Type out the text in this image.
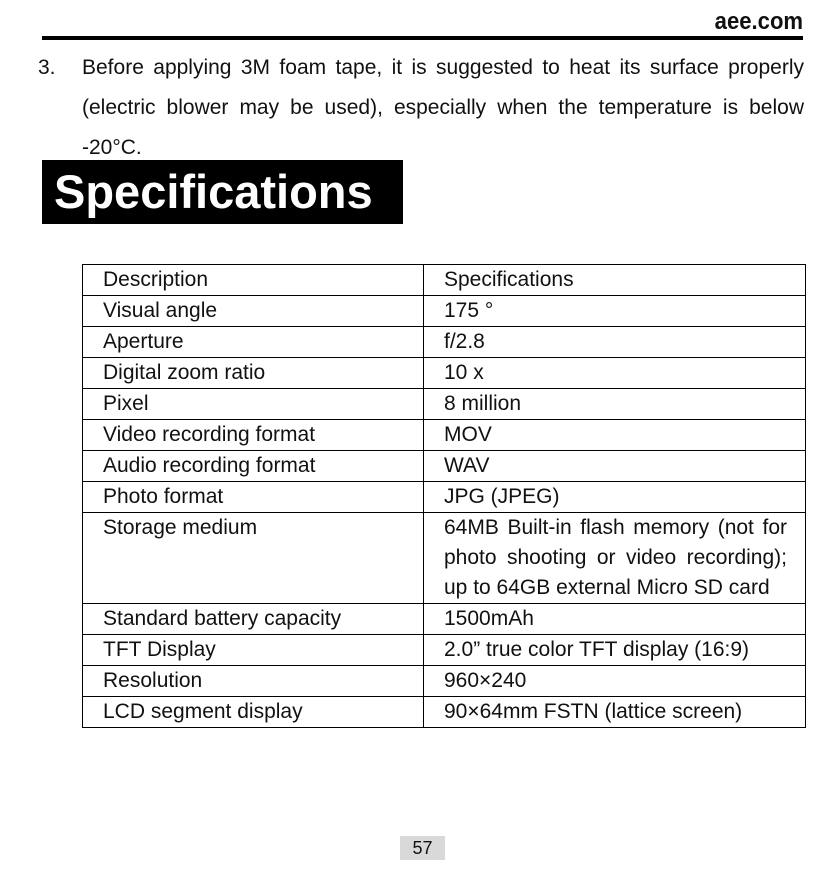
aee.com
3. Before applying 3M foam tape, it is suggested to heat its surface properly (electric blower may be used), especially when the temperature is below -20°C.
Specifications
Description	Specifications
Visual angle	175 °
Aperture	f/2.8
Digital zoom ratio	10 x
Pixel	8 million
Video recording format	MOV
Audio recording format	WAV
Photo format	JPG (JPEG)
Storage medium	64MB Built-in flash memory (not for photo shooting or video recording); up to 64GB external Micro SD card
Standard battery capacity	1500mAh
TFT Display	2.0” true color TFT display (16:9)
Resolution	960×240
LCD segment display	90×64mm FSTN (lattice screen)
57
